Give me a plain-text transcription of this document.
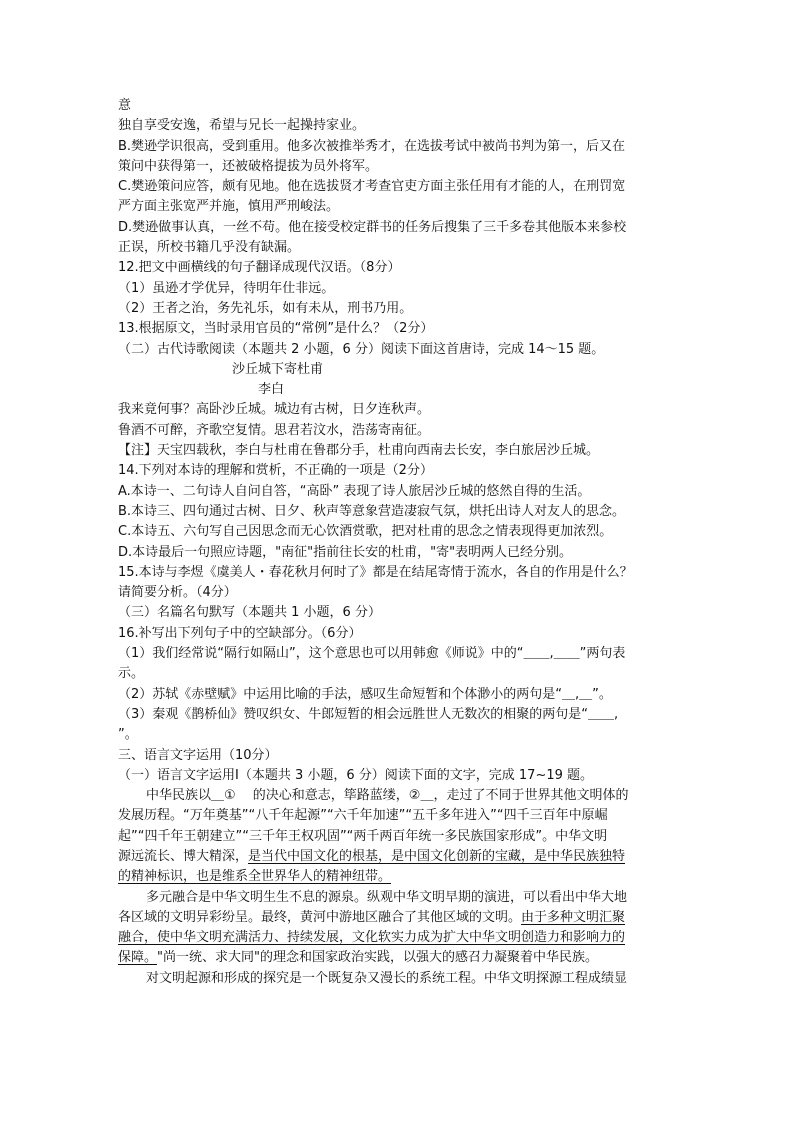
意
独自享受安逸，希望与兄长一起操持家业。
B.樊逊学识很高，受到重用。他多次被推举秀才，在选拔考试中被尚书判为第一，后又在
策问中获得第一，还被破格提拔为员外将军。
C.樊逊策问应答，颇有见地。他在选拔贤才考查官吏方面主张任用有才能的人，在刑罚宽
严方面主张宽严并施，慎用严刑峻法。
D.樊逊做事认真，一丝不苟。他在接受校定群书的任务后搜集了三千多卷其他版本来参校
正误，所校书籍几乎没有缺漏。
12.把文中画横线的句子翻译成现代汉语。（8分）
（1）虽逊才学优异，待明年仕非远。
（2）王者之治，务先礼乐，如有未从，刑书乃用。
13.根据原文，当时录用官员的“常例”是什么？（2分）
（二）古代诗歌阅读（本题共 2 小题，6 分）阅读下面这首唐诗，完成 14～15 题。
沙丘城下寄杜甫
李白
我来竟何事？高卧沙丘城。城边有古树，日夕连秋声。
鲁酒不可醉，齐歌空复情。思君若汶水，浩荡寄南征。
【注】天宝四载秋，李白与杜甫在鲁郡分手，杜甫向西南去长安，李白旅居沙丘城。
14.下列对本诗的理解和赏析，不正确的一项是（2分）
A.本诗一、二句诗人自问自答，“高卧” 表现了诗人旅居沙丘城的悠然自得的生活。
B.本诗三、四句通过古树、日夕、秋声等意象营造凄寂气氛，烘托出诗人对友人的思念。
C.本诗五、六句写自己因思念而无心饮酒赏歌，把对杜甫的思念之情表现得更加浓烈。
D.本诗最后一句照应诗题，"南征"指前往长安的杜甫，"寄"表明两人已经分别。
15.本诗与李煜《虞美人・春花秋月何时了》都是在结尾寄情于流水，各自的作用是什么？
请简要分析。（4分）
（三）名篇名句默写（本题共 1 小题，6 分）
16.补写出下列句子中的空缺部分。（6分）
（1）我们经常说“隔行如隔山”，这个意思也可以用韩愈《师说》中的“＿＿,＿＿”两句表
示。
（2）苏轼《赤壁赋》中运用比喻的手法，感叹生命短暂和个体渺小的两句是“＿,＿”。
（3）秦观《鹊桥仙》赞叹织女、牛郎短暂的相会远胜世人无数次的相聚的两句是“＿＿,
”。
三、语言文字运用（10分）
（一）语言文字运用Ⅰ（本题共 3 小题，6 分）阅读下面的文字，完成 17~19 题。
中华民族以＿①　 的决心和意志，筚路蓝缕，②＿，走过了不同于世界其他文明体的
发展历程。“万年奠基”“八千年起源”“六千年加速”“五千多年进入”“四千三百年中原崛
起”“四千年王朝建立”“三千年王权巩固”“两千两百年统一多民族国家形成”。中华文明
源远流长、博大精深，是当代中国文化的根基，是中国文化创新的宝藏，是中华民族独特
的精神标识，也是维系全世界华人的精神纽带。
多元融合是中华文明生生不息的源泉。纵观中华文明早期的演进，可以看出中华大地
各区域的文明异彩纷呈。最终，黄河中游地区融合了其他区域的文明。由于多种文明汇聚
融合，使中华文明充满活力、持续发展，文化软实力成为扩大中华文明创造力和影响力的
保障。"尚一统、求大同"的理念和国家政治实践，以强大的感召力凝聚着中华民族。
对文明起源和形成的探究是一个既复杂又漫长的系统工程。中华文明探源工程成绩显
